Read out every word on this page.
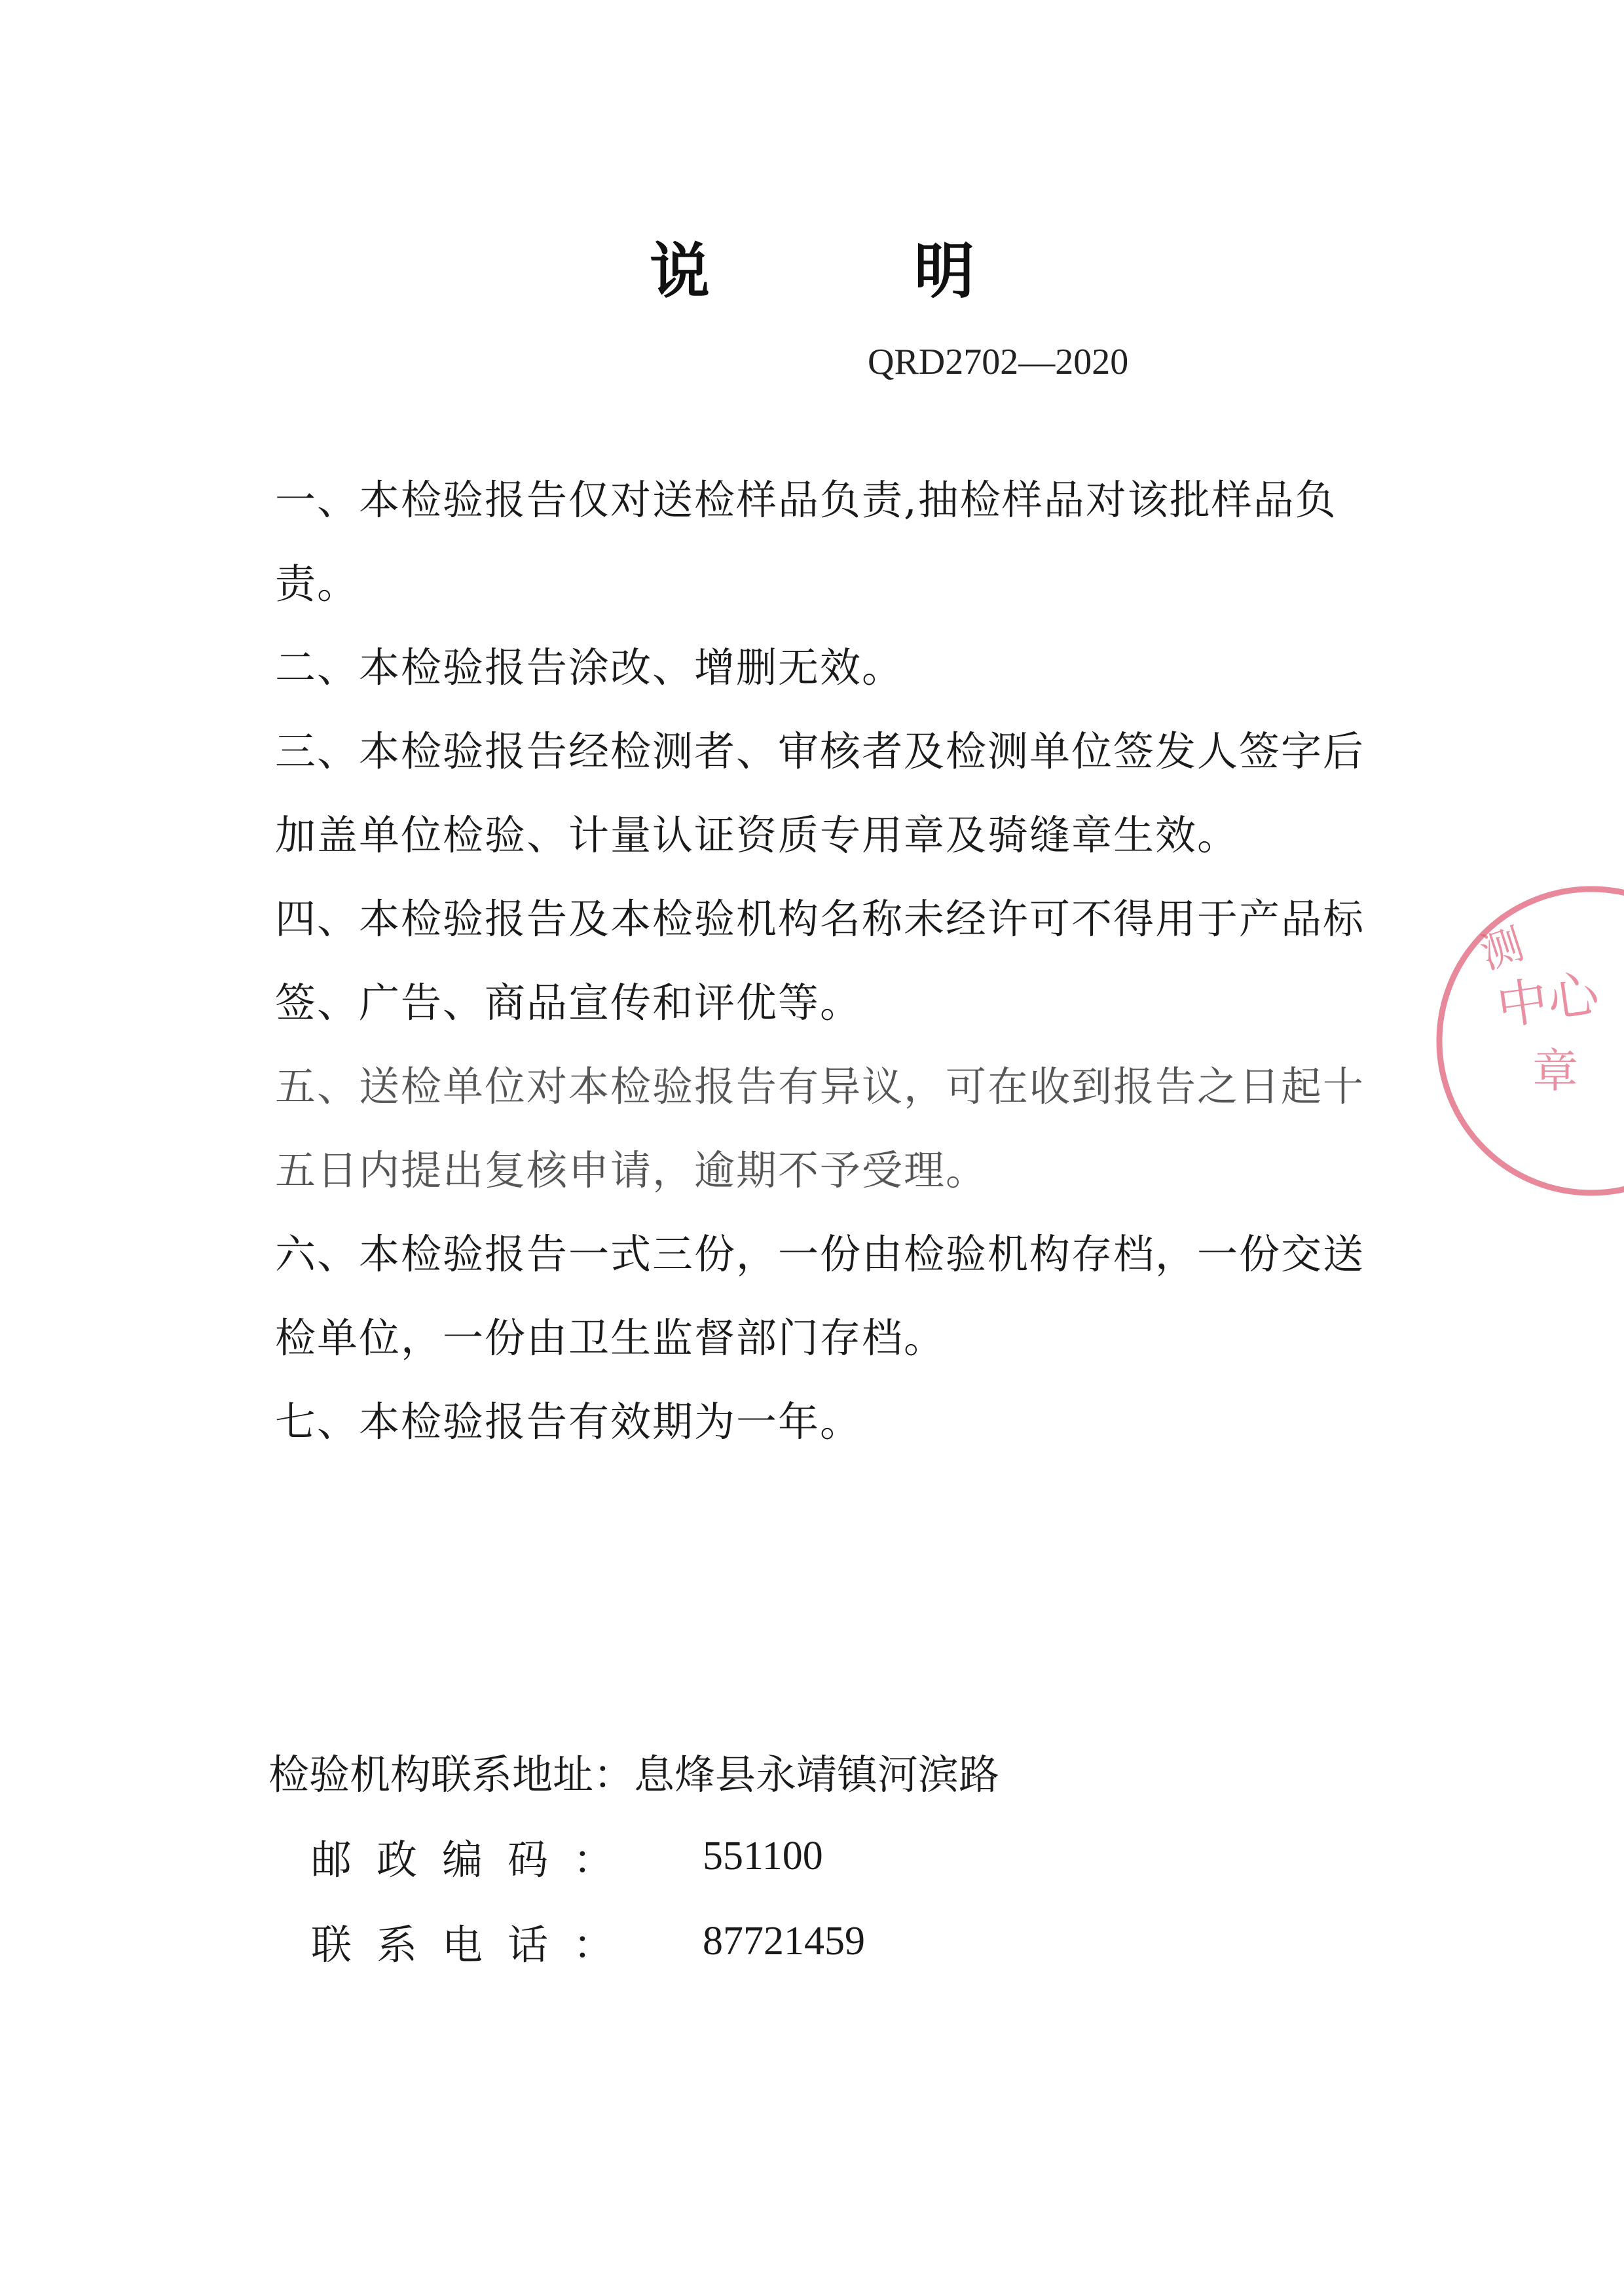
说 明
QRD2702—2020
一、本检验报告仅对送检样品负责,抽检样品对该批样品负责。
二、本检验报告涂改、增删无效。
三、本检验报告经检测者、审核者及检测单位签发人签字后加盖单位检验、计量认证资质专用章及骑缝章生效。
四、本检验报告及本检验机构名称未经许可不得用于产品标签、广告、商品宣传和评优等。
五、送检单位对本检验报告有异议，可在收到报告之日起十五日内提出复核申请，逾期不予受理。
六、本检验报告一式三份，一份由检验机构存档，一份交送检单位，一份由卫生监督部门存档。
七、本检验报告有效期为一年。
检验机构联系地址： 息烽县永靖镇河滨路
邮政编码：	551100
联系电话：	87721459
测
中心
章
